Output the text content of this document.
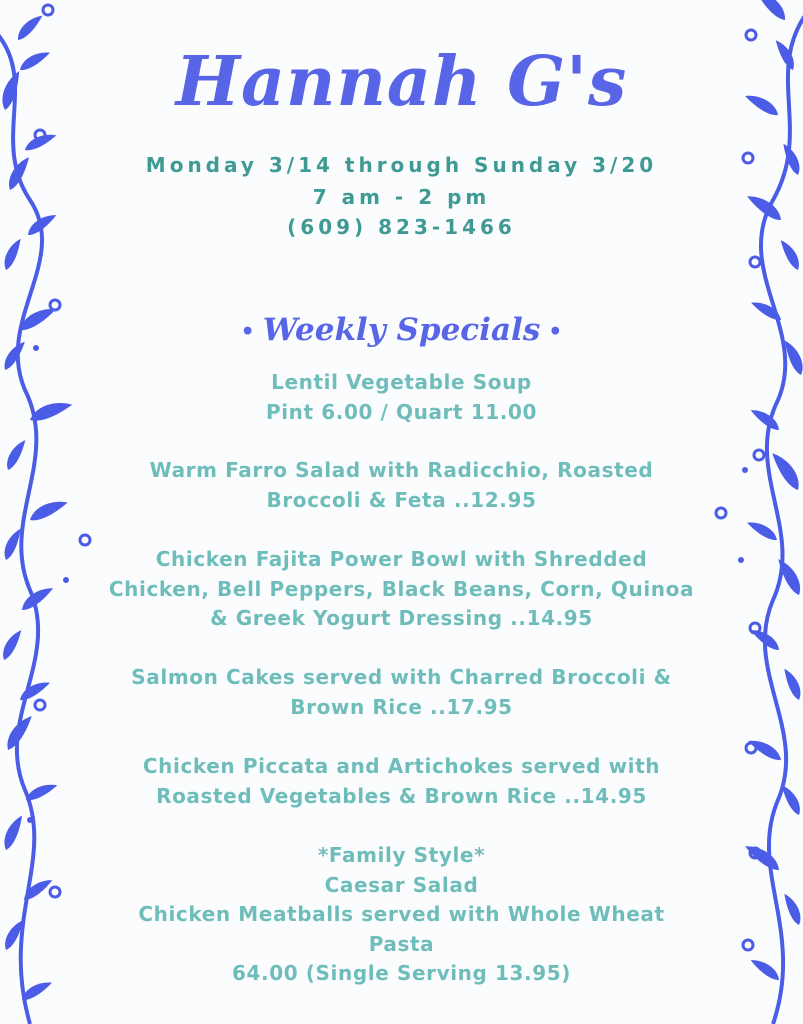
Hannah G's

Monday 3/14 through Sunday 3/20

7 am - 2 pm

(609) 823-1466

• Weekly Specials •

Lentil Vegetable Soup
Pint 6.00 / Quart 11.00

Warm Farro Salad with Radicchio, Roasted
Broccoli & Feta ..12.95

Chicken Fajita Power Bowl with Shredded
Chicken, Bell Peppers, Black Beans, Corn, Quinoa
& Greek Yogurt Dressing ..14.95

Salmon Cakes served with Charred Broccoli &
Brown Rice ..17.95

Chicken Piccata and Artichokes served with
Roasted Vegetables & Brown Rice ..14.95

*Family Style*
Caesar Salad
Chicken Meatballs served with Whole Wheat
Pasta
64.00 (Single Serving 13.95)
